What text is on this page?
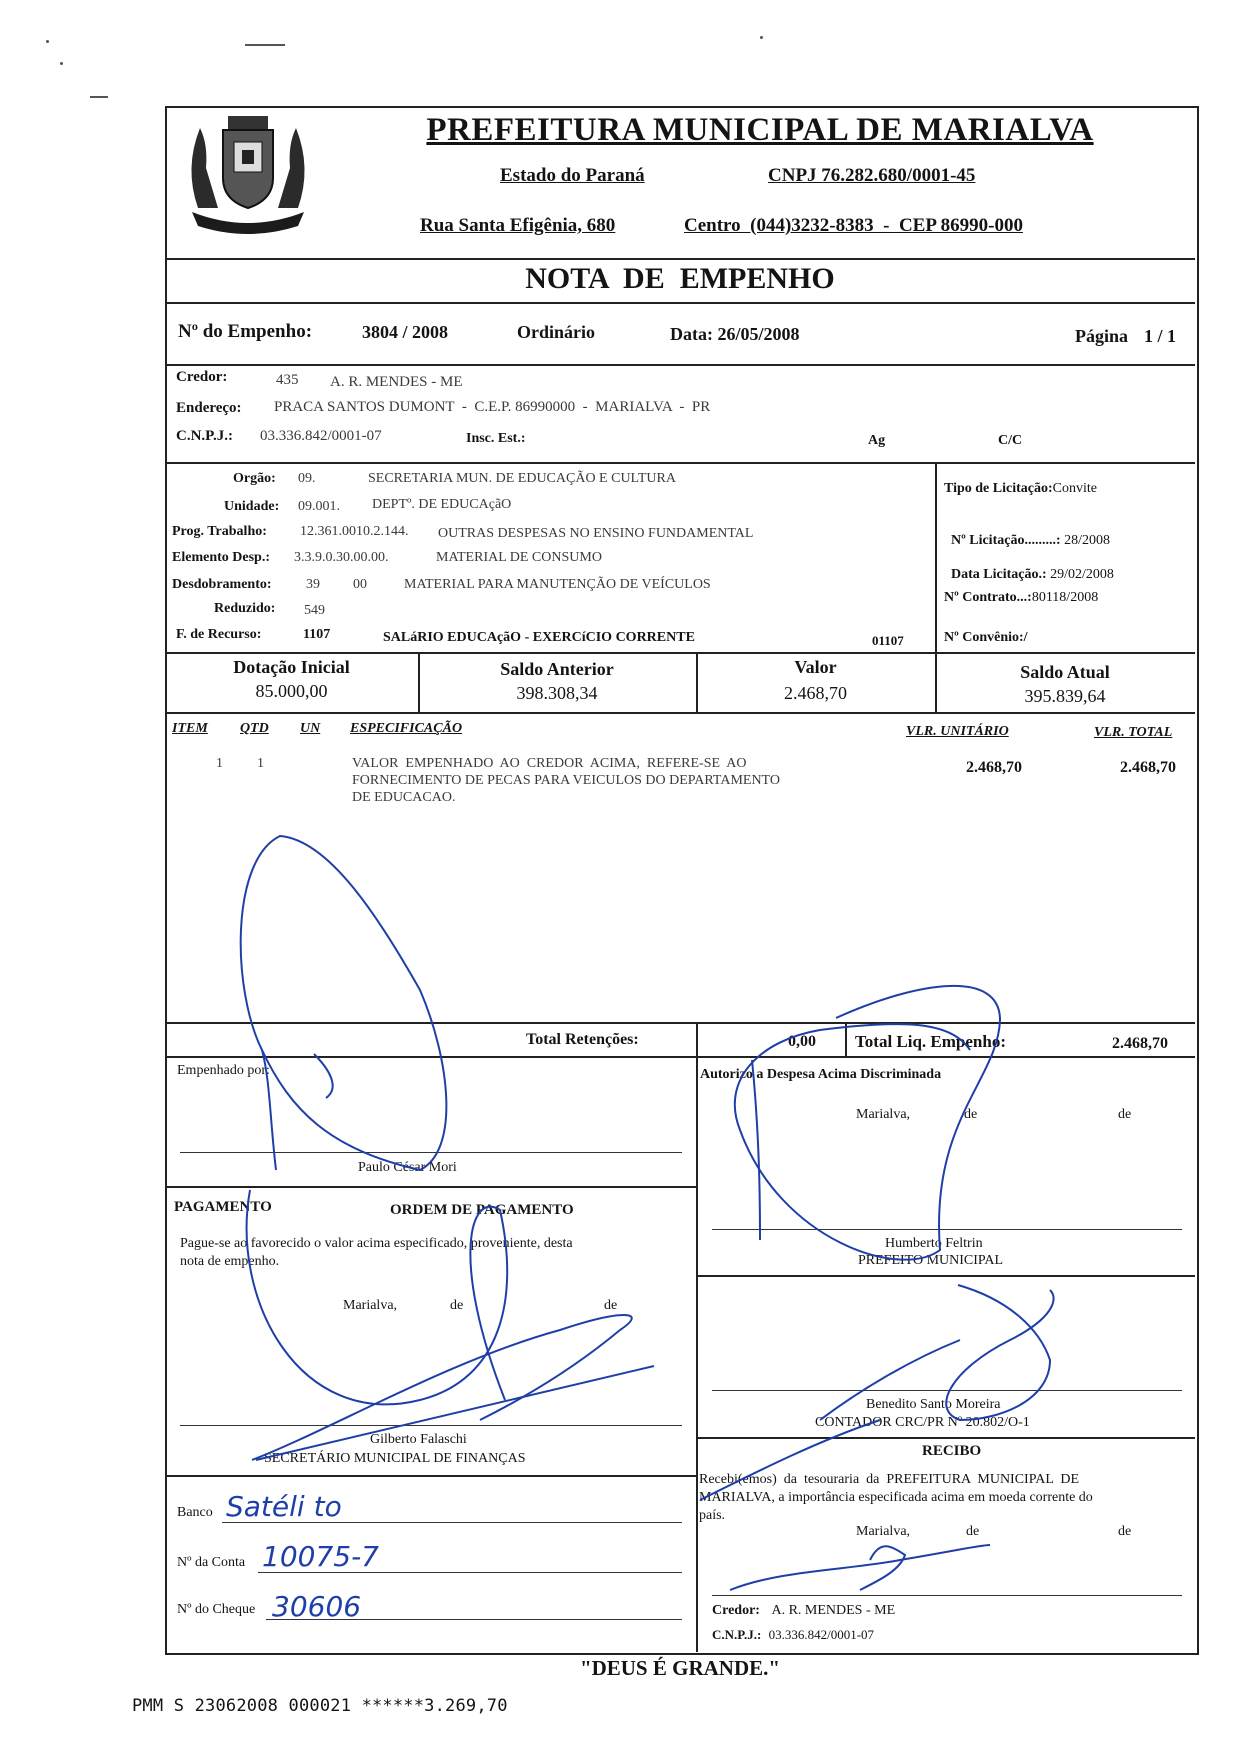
PREFEITURA MUNICIPAL DE MARIALVA
Estado do Paraná	CNPJ 76.282.680/0001-45
Rua Santa Efigênia, 680	Centro  (044)3232-8383  -  CEP 86990-000
NOTA  DE  EMPENHO
Nº do Empenho:	3804 / 2008	Ordinário	Data: 26/05/2008	Página 1 / 1
Credor:	435 A. R. MENDES - ME
Endereço: PRACA SANTOS DUMONT  -  C.E.P. 86990000  -  MARIALVA  -  PR
C.N.P.J.: 03.336.842/0001-07	Insc. Est.:	Ag	C/C
Orgão: 09.	SECRETARIA MUN. DE EDUCAÇÃO E CULTURA
Unidade: 09.001. DEPTº. DE EDUCAçãO
Prog. Trabalho: 12.361.0010.2.144. OUTRAS DESPESAS NO ENSINO FUNDAMENTAL
Elemento Desp.: 3.3.9.0.30.00.00.	MATERIAL DE CONSUMO
Desdobramento: 39 00	MATERIAL PARA MANUTENÇÃO DE VEÍCULOS
Reduzido: 549
F. de Recurso:	1107	SALáRIO EDUCAçãO - EXERCíCIO CORRENTE	01107
Tipo de Licitação:Convite

Nº Licitação.........: 28/2008

Data Licitação.: 29/02/2008

Nº Contrato...:80118/2008
Nº Convênio:/
Dotação Inicial
85.000,00
Saldo Anterior
398.308,34
Valor
2.468,70
Saldo Atual
395.839,64
ITEM QTD UN ESPECIFICAÇÃO	VLR. UNITÁRIO	VLR. TOTAL
1 1	VALOR  EMPENHADO  AO  CREDOR  ACIMA,  REFERE-SE  AO
FORNECIMENTO DE PECAS PARA VEICULOS DO DEPARTAMENTO
DE EDUCACAO.
2.468,70	2.468,70
Total Retenções:	0,00 Total Liq. Empenho:	2.468,70
Empenhado por:
Paulo César Mori
PAGAMENTO	ORDEM DE PAGAMENTO
Pague-se ao favorecido o valor acima especificado, proveniente, desta
nota de empenho.
Marialva,	de	de
Gilberto Falaschi
SECRETÁRIO MUNICIPAL DE FINANÇAS
Banco Satéli to
Nº da Conta 10075-7
Nº do Cheque 30606
Autorizo a Despesa Acima Discriminada
Marialva,	de	de
Humberto Feltrin
PREFEITO MUNICIPAL
Benedito Santo Moreira
CONTADOR CRC/PR Nº 20.802/O-1
RECIBO
Recebi(emos)  da  tesouraria  da  PREFEITURA  MUNICIPAL  DE
MARIALVA, a importância especificada acima em moeda corrente do
país.
Marialva,	de	de
Credor: A. R. MENDES - ME
C.N.P.J.: 03.336.842/0001-07
"DEUS É GRANDE."
PMM S 23062008 000021 ******3.269,70
